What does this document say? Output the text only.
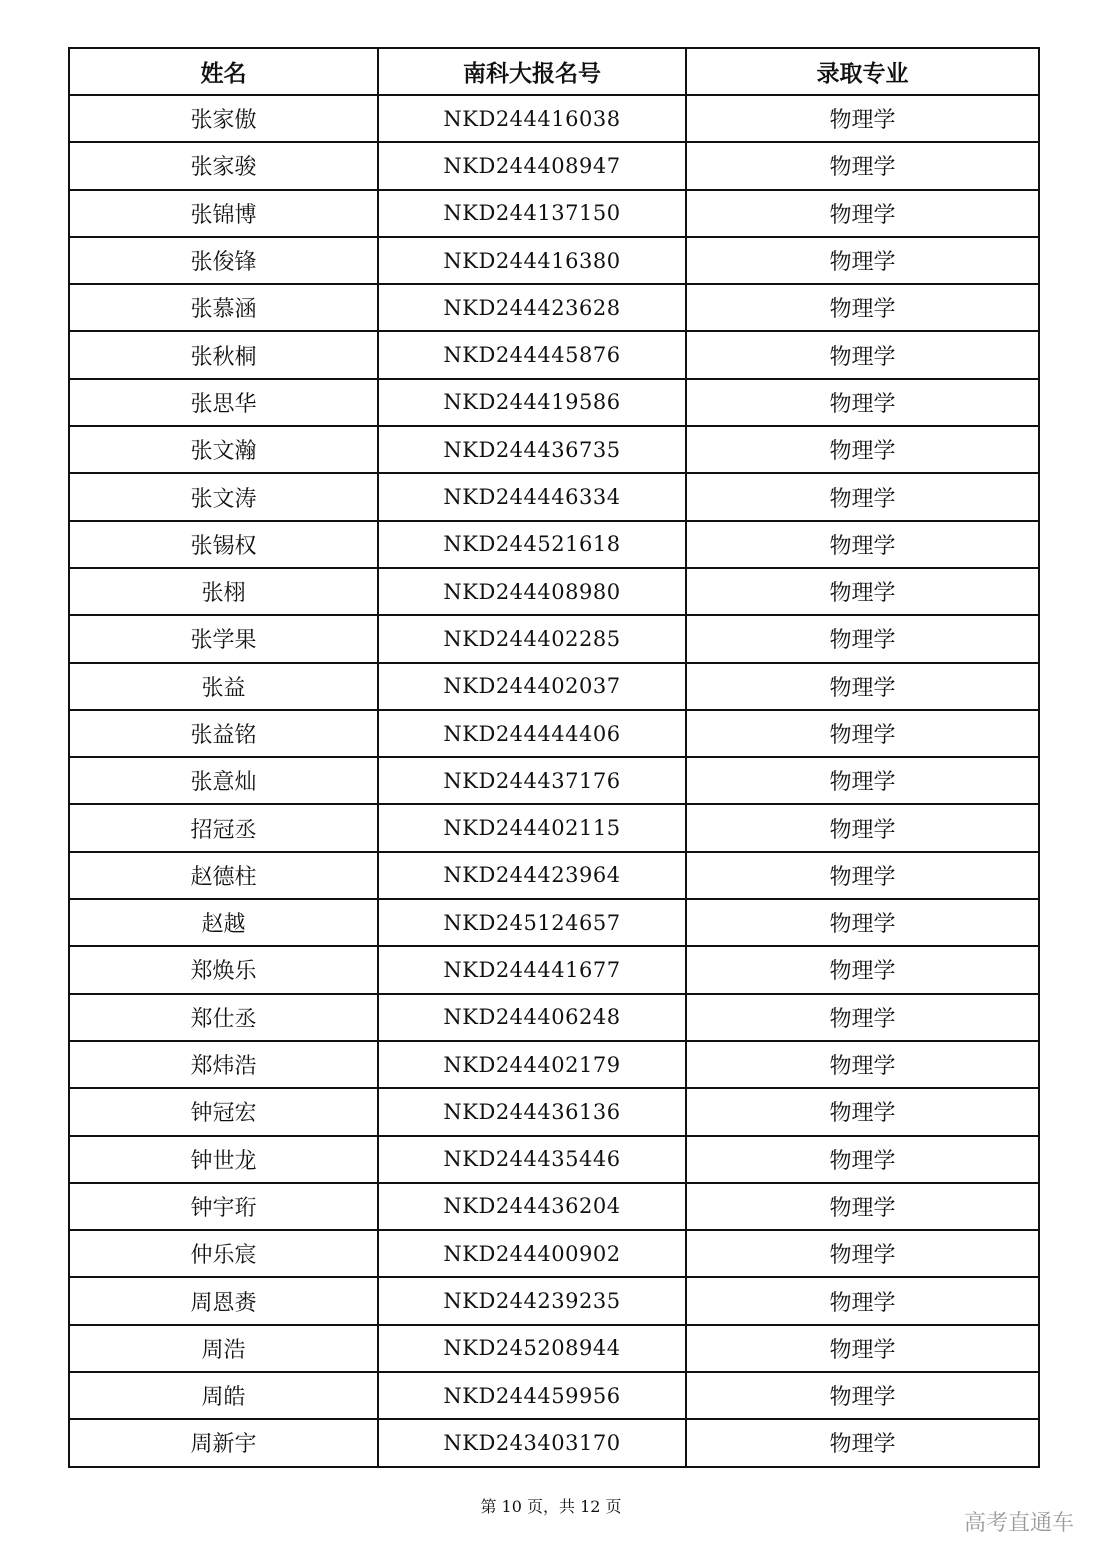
姓名	南科大报名号	录取专业
张家傲	NKD244416038	物理学
张家骏	NKD244408947	物理学
张锦博	NKD244137150	物理学
张俊锋	NKD244416380	物理学
张慕涵	NKD244423628	物理学
张秋桐	NKD244445876	物理学
张思华	NKD244419586	物理学
张文瀚	NKD244436735	物理学
张文涛	NKD244446334	物理学
张锡权	NKD244521618	物理学
张栩	NKD244408980	物理学
张学果	NKD244402285	物理学
张益	NKD244402037	物理学
张益铭	NKD244444406	物理学
张意灿	NKD244437176	物理学
招冠丞	NKD244402115	物理学
赵德柱	NKD244423964	物理学
赵越	NKD245124657	物理学
郑焕乐	NKD244441677	物理学
郑仕丞	NKD244406248	物理学
郑炜浩	NKD244402179	物理学
钟冠宏	NKD244436136	物理学
钟世龙	NKD244435446	物理学
钟宇珩	NKD244436204	物理学
仲乐宸	NKD244400902	物理学
周恩赉	NKD244239235	物理学
周浩	NKD245208944	物理学
周皓	NKD244459956	物理学
周新宇	NKD243403170	物理学
第 10 页，共 12 页
高考直通车
